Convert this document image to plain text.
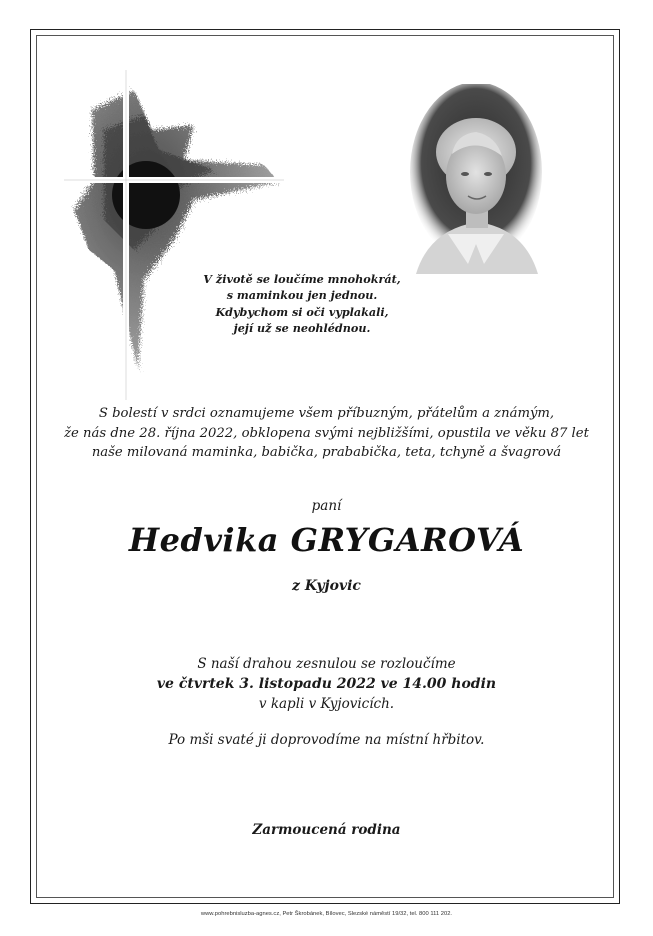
V životě se loučíme mnohokrát,
s maminkou jen jednou.
Kdybychom si oči vyplakali,
její už se neohlédnou.
S bolestí v srdci oznamujeme všem příbuzným, přátelům a známým,
že nás dne 28. října 2022, obklopena svými nejbližšími, opustila ve věku 87 let
naše milovaná maminka, babička, prababička, teta, tchyně a švagrová
paní
Hedvika GRYGAROVÁ
z Kyjovic
S naší drahou zesnulou se rozloučíme
ve čtvrtek 3. listopadu 2022 ve 14.00 hodin
v kapli v Kyjovicích.
Po mši svaté ji doprovodíme na místní hřbitov.
Zarmoucená rodina
www.pohrebnisluzba-agnes.cz, Petr Škrobánek, Bílovec, Slezské náměstí 19/32, tel. 800 111 202.
